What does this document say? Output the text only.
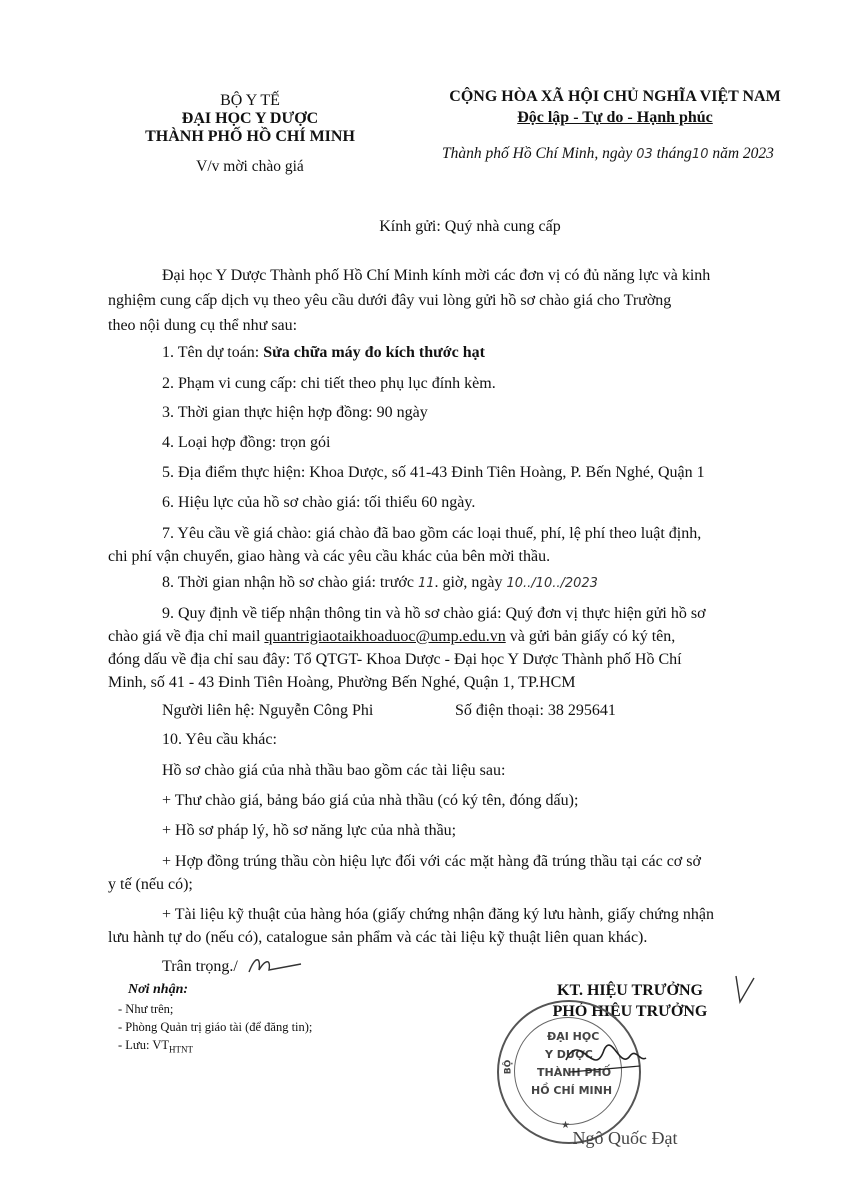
BỘ Y TẾ
ĐẠI HỌC Y DƯỢC
THÀNH PHỐ HỒ CHÍ MINH
V/v mời chào giá
CỘNG HÒA XÃ HỘI CHỦ NGHĨA VIỆT NAM
Độc lập - Tự do - Hạnh phúc
Thành phố Hồ Chí Minh, ngày 03 tháng10 năm 2023
Kính gửi: Quý nhà cung cấp
Đại học Y Dược Thành phố Hồ Chí Minh kính mời các đơn vị có đủ năng lực và kinh
nghiệm cung cấp dịch vụ theo yêu cầu dưới đây vui lòng gửi hồ sơ chào giá cho Trường
theo nội dung cụ thể như sau:
1. Tên dự toán: Sửa chữa máy đo kích thước hạt
2. Phạm vi cung cấp: chi tiết theo phụ lục đính kèm.
3. Thời gian thực hiện hợp đồng: 90 ngày
4. Loại hợp đồng: trọn gói
5. Địa điểm thực hiện: Khoa Dược, số 41-43 Đinh Tiên Hoàng, P. Bến Nghé, Quận 1
6. Hiệu lực của hồ sơ chào giá: tối thiểu 60 ngày.
7. Yêu cầu về giá chào: giá chào đã bao gồm các loại thuế, phí, lệ phí theo luật định,
chi phí vận chuyển, giao hàng và các yêu cầu khác của bên mời thầu.
8. Thời gian nhận hồ sơ chào giá: trước 11. giờ, ngày 10../10../2023
9. Quy định về tiếp nhận thông tin và hồ sơ chào giá: Quý đơn vị thực hiện gửi hồ sơ
chào giá về địa chỉ mail quantrigiaotaikhoaduoc@ump.edu.vn và gửi bản giấy có ký tên,
đóng dấu về địa chỉ sau đây: Tổ QTGT- Khoa Dược - Đại học Y Dược Thành phố Hồ Chí
Minh, số 41 - 43 Đinh Tiên Hoàng, Phường Bến Nghé, Quận 1, TP.HCM
Người liên hệ: Nguyễn Công Phi	Số điện thoại: 38 295641
10. Yêu cầu khác:
Hồ sơ chào giá của nhà thầu bao gồm các tài liệu sau:
+ Thư chào giá, bảng báo giá của nhà thầu (có ký tên, đóng dấu);
+ Hồ sơ pháp lý, hồ sơ năng lực của nhà thầu;
+ Hợp đồng trúng thầu còn hiệu lực đối với các mặt hàng đã trúng thầu tại các cơ sở
y tế (nếu có);
+ Tài liệu kỹ thuật của hàng hóa (giấy chứng nhận đăng ký lưu hành, giấy chứng nhận
lưu hành tự do (nếu có), catalogue sản phẩm và các tài liệu kỹ thuật liên quan khác).
Trân trọng./
Nơi nhận:
- Như trên;
- Phòng Quản trị giáo tài (để đăng tin);
- Lưu: $VT_{HTNT}$
KT. HIỆU TRƯỞNG
PHÓ HIỆU TRƯỞNG
ĐẠI HỌC
Y DƯỢC
THÀNH PHỐ
HỒ CHÍ MINH
BỘ
★
Ngô Quốc Đạt
